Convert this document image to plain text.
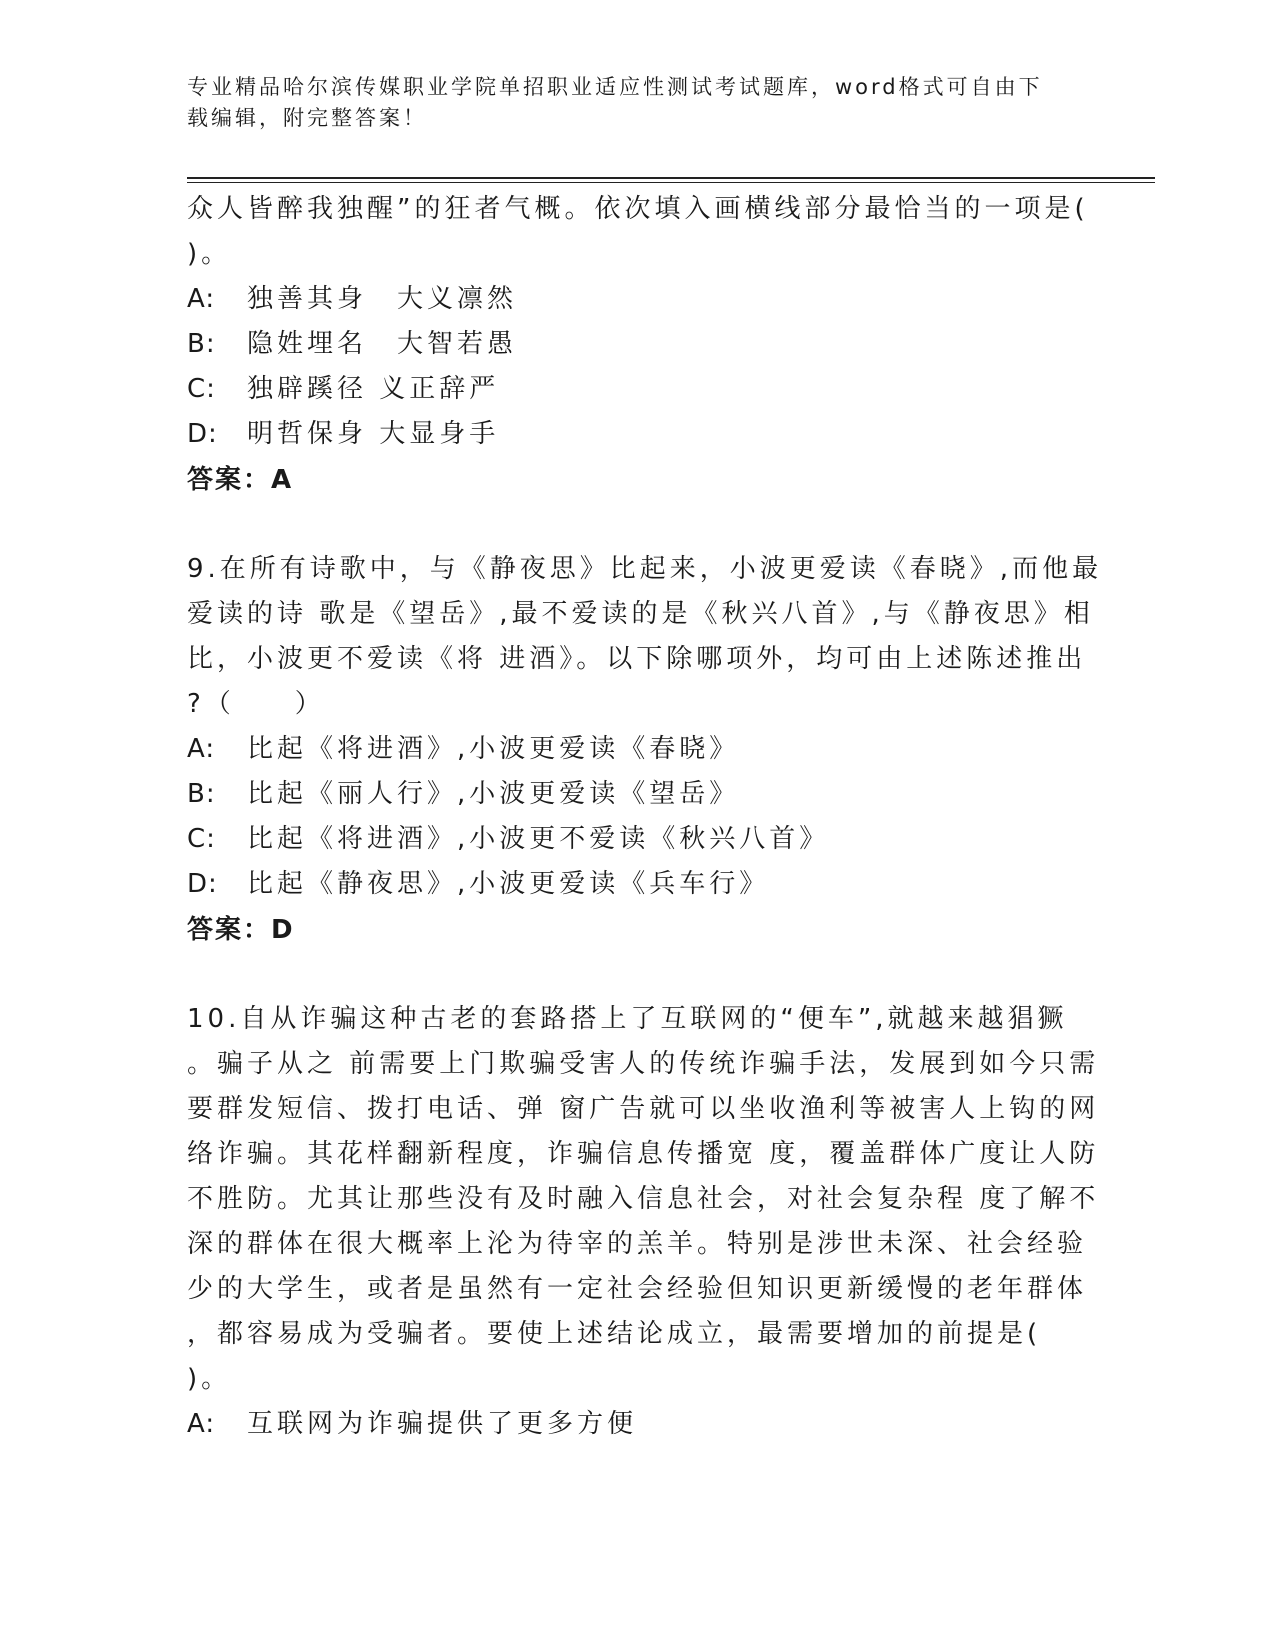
专业精品哈尔滨传媒职业学院单招职业适应性测试考试题库，word格式可自由下
载编辑，附完整答案！
众人皆醉我独醒”的狂者气概。依次填入画横线部分最恰当的一项是(
)。
A: 独善其身　大义凛然
B: 隐姓埋名　大智若愚
C: 独辟蹊径 义正辞严
D: 明哲保身 大显身手
答案：A
9.在所有诗歌中，与《静夜思》比起来，小波更爱读《春晓》,而他最
爱读的诗 歌是《望岳》,最不爱读的是《秋兴八首》,与《静夜思》相
比，小波更不爱读《将 进酒》。以下除哪项外，均可由上述陈述推出
?（　　）
A: 比起《将进酒》,小波更爱读《春晓》
B: 比起《丽人行》,小波更爱读《望岳》
C: 比起《将进酒》,小波更不爱读《秋兴八首》
D: 比起《静夜思》,小波更爱读《兵车行》
答案：D
10.自从诈骗这种古老的套路搭上了互联网的“便车”,就越来越猖獗
。骗子从之 前需要上门欺骗受害人的传统诈骗手法，发展到如今只需
要群发短信、拨打电话、弹 窗广告就可以坐收渔利等被害人上钩的网
络诈骗。其花样翻新程度，诈骗信息传播宽 度，覆盖群体广度让人防
不胜防。尤其让那些没有及时融入信息社会，对社会复杂程 度了解不
深的群体在很大概率上沦为待宰的羔羊。特别是涉世未深、社会经验
少的大学生，或者是虽然有一定社会经验但知识更新缓慢的老年群体
，都容易成为受骗者。要使上述结论成立，最需要增加的前提是(
)。
A: 互联网为诈骗提供了更多方便
